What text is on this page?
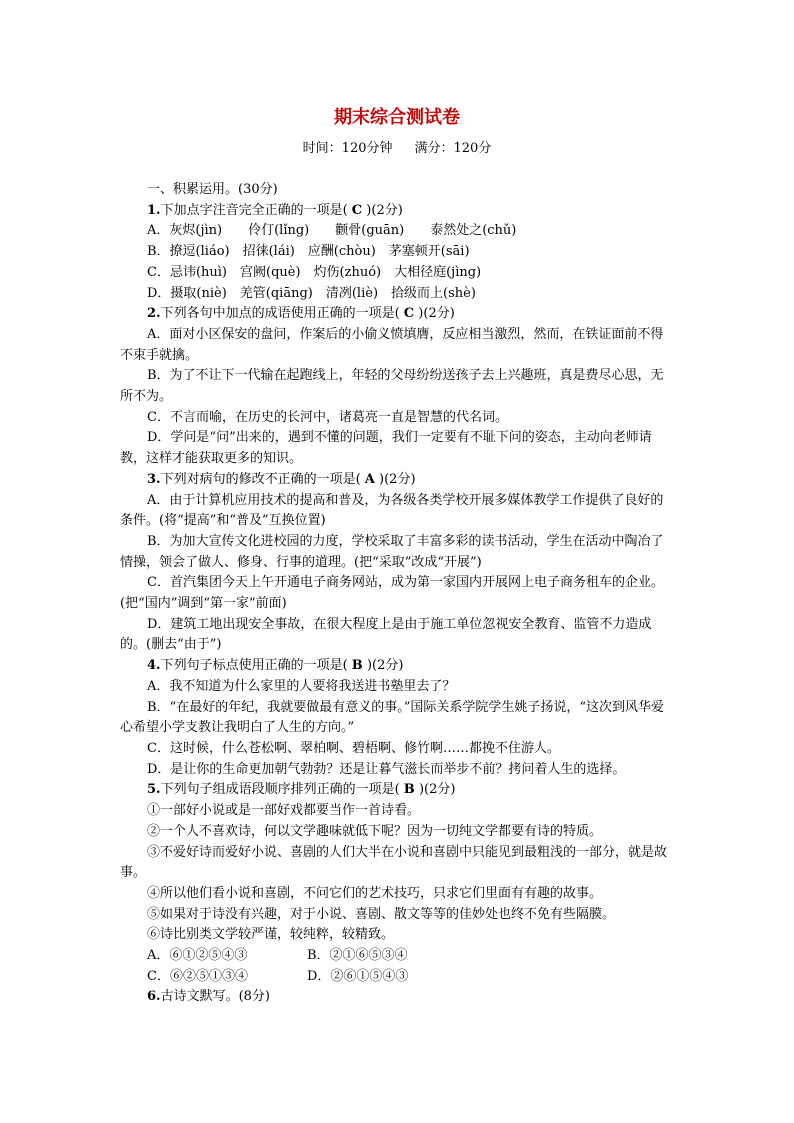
期末综合测试卷
时间：120分钟 满分：120分

一、积累运用。(30分)

1.下加点字注音完全正确的一项是( C )(2分)

A．灰烬(jìn)　　伶仃(lǐng)　　颧骨(guān)　　泰然处之(chǔ)

B．撩逗(liáo)　招徕(lái)　应酬(chòu)　茅塞顿开(sāi)

C．忌讳(huì)　宫阙(què)　灼伤(zhuó)　大相径庭(jìng)

D．摄取(niè)　羌管(qiāng)　清冽(liè)　拾级而上(shè)

2.下列各句中加点的成语使用正确的一项是( C )(2分)

A．面对小区保安的盘问，作案后的小偷义愤填膺，反应相当激烈，然而，在铁证面前不得不束手就擒。

B．为了不让下一代输在起跑线上，年轻的父母纷纷送孩子去上兴趣班，真是费尽心思，无所不为。

C．不言而喻，在历史的长河中，诸葛亮一直是智慧的代名词。

D．学问是“问”出来的，遇到不懂的问题，我们一定要有不耻下问的姿态，主动向老师请教，这样才能获取更多的知识。

3.下列对病句的修改不正确的一项是( A )(2分)

A．由于计算机应用技术的提高和普及，为各级各类学校开展多媒体教学工作提供了良好的条件。(将“提高”和“普及”互换位置)

B．为加大宣传文化进校园的力度，学校采取了丰富多彩的读书活动，学生在活动中陶冶了情操，领会了做人、修身、行事的道理。(把“采取”改成“开展”)

C．首汽集团今天上午开通电子商务网站，成为第一家国内开展网上电子商务租车的企业。(把“国内”调到“第一家”前面)

D．建筑工地出现安全事故，在很大程度上是由于施工单位忽视安全教育、监管不力造成的。(删去“由于”)

4.下列句子标点使用正确的一项是( B )(2分)

A．我不知道为什么家里的人要将我送进书塾里去了？

B．“在最好的年纪，我就要做最有意义的事。”国际关系学院学生姚子扬说，“这次到风华爱心希望小学支教让我明白了人生的方向。”

C．这时候，什么苍松啊、翠柏啊、碧梧啊、修竹啊……都挽不住游人。

D．是让你的生命更加朝气勃勃？还是让暮气滋长而举步不前？拷问着人生的选择。

5.下列句子组成语段顺序排列正确的一项是( B )(2分)

①一部好小说或是一部好戏都要当作一首诗看。

②一个人不喜欢诗，何以文学趣味就低下呢？因为一切纯文学都要有诗的特质。

③不爱好诗而爱好小说、喜剧的人们大半在小说和喜剧中只能见到最粗浅的一部分，就是故事。

④所以他们看小说和喜剧，不问它们的艺术技巧，只求它们里面有有趣的故事。

⑤如果对于诗没有兴趣，对于小说、喜剧、散文等等的佳妙处也终不免有些隔膜。

⑥诗比别类文学较严谨，较纯粹，较精致。

A．⑥①②⑤④③	B．②①⑥⑤③④
C．⑥②⑤①③④	D．②⑥①⑤④③

6.古诗文默写。(8分)
